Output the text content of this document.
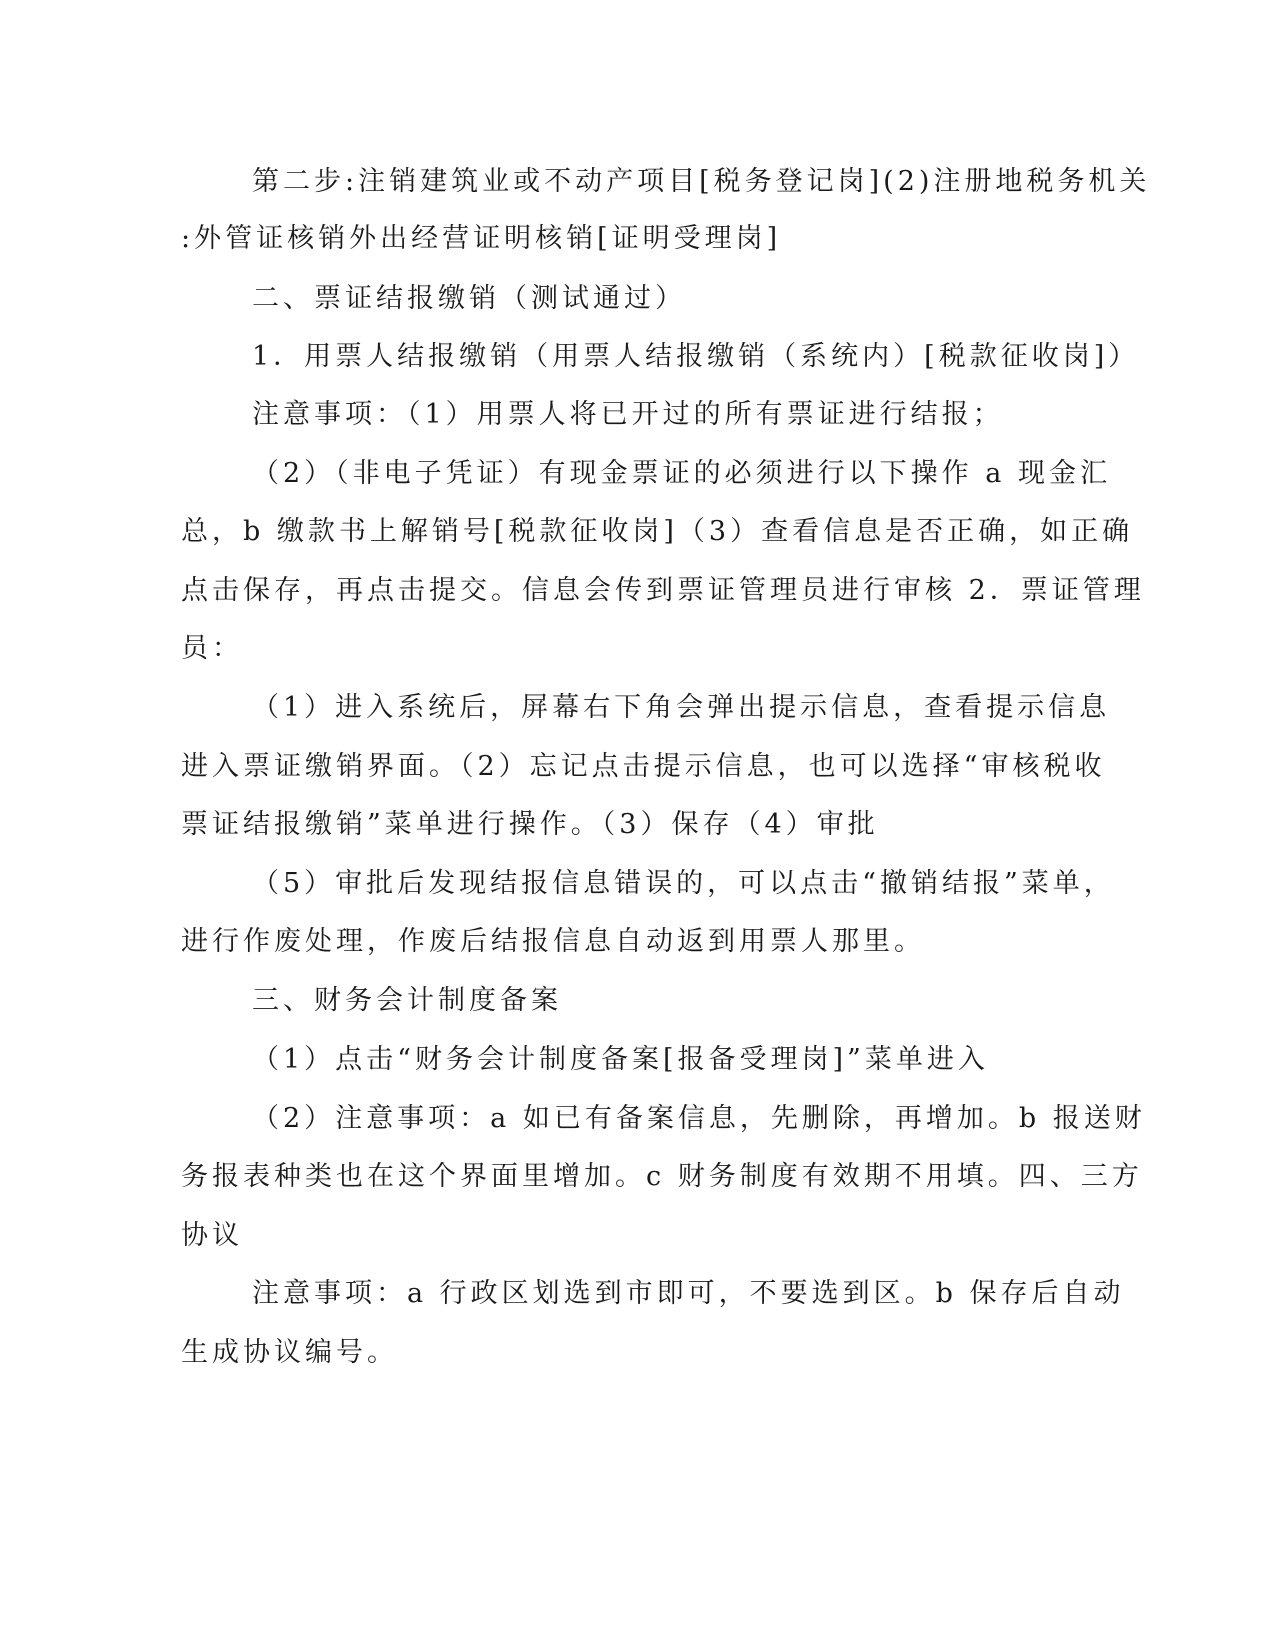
第二步:注销建筑业或不动产项目[税务登记岗](2)注册地税务机关
:外管证核销外出经营证明核销[证明受理岗]
二、票证结报缴销（测试通过）
1．用票人结报缴销（用票人结报缴销（系统内）[税款征收岗]）
注意事项：（1）用票人将已开过的所有票证进行结报；
（2）（非电子凭证）有现金票证的必须进行以下操作 a 现金汇
总，b 缴款书上解销号[税款征收岗]（3）查看信息是否正确，如正确
点击保存，再点击提交。信息会传到票证管理员进行审核 2．票证管理
员：
（1）进入系统后，屏幕右下角会弹出提示信息，查看提示信息
进入票证缴销界面。（2）忘记点击提示信息，也可以选择“审核税收
票证结报缴销”菜单进行操作。（3）保存（4）审批
（5）审批后发现结报信息错误的，可以点击“撤销结报”菜单，
进行作废处理，作废后结报信息自动返到用票人那里。
三、财务会计制度备案
（1）点击“财务会计制度备案[报备受理岗]”菜单进入
（2）注意事项：a 如已有备案信息，先删除，再增加。b 报送财
务报表种类也在这个界面里增加。c 财务制度有效期不用填。四、三方
协议
注意事项：a 行政区划选到市即可，不要选到区。b 保存后自动
生成协议编号。
